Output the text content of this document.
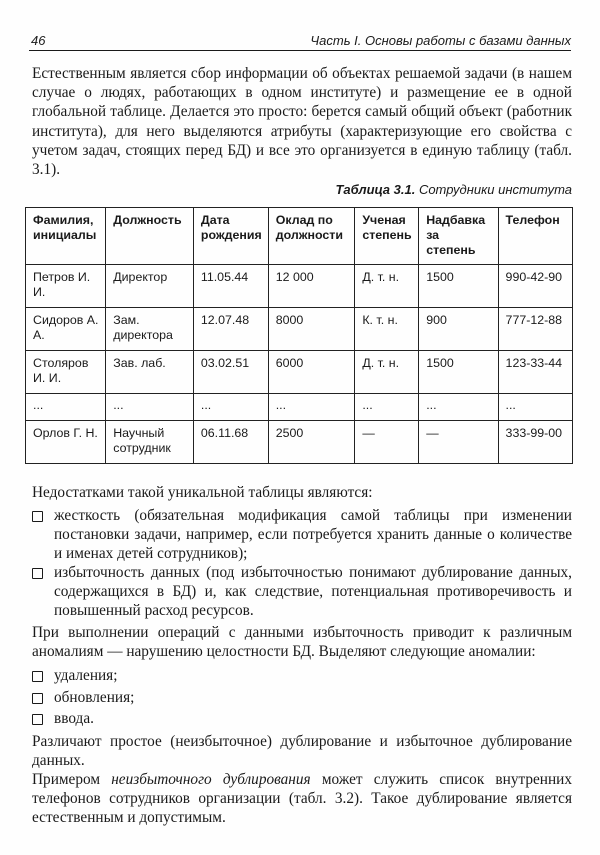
46	Часть I. Основы работы с базами данных
Естественным является сбор информации об объектах решаемой задачи (в нашем случае о людях, работающих в одном институте) и размещение ее в одной глобальной таблице. Делается это просто: берется самый общий объект (работник института), для него выделяются атрибуты (характеризующие его свойства с учетом задач, стоящих перед БД) и все это организуется в единую таблицу (табл. 3.1).
Таблица 3.1. Сотрудники института
Фамилия, инициалы	Должность	Дата рождения	Оклад по должности	Ученая степень	Надбавка за степень	Телефон
Петров И. И.	Директор	11.05.44	12 000	Д. т. н.	1500	990-42-90
Сидоров А. А.	Зам. директора	12.07.48	8000	К. т. н.	900	777-12-88
Столяров И. И.	Зав. лаб.	03.02.51	6000	Д. т. н.	1500	123-33-44
...	...	...	...	...	...	...
Орлов Г. Н.	Научный сотрудник	06.11.68	2500	—	—	333-99-00
Недостатками такой уникальной таблицы являются:
жесткость (обязательная модификация самой таблицы при изменении постановки задачи, например, если потребуется хранить данные о количестве и именах детей сотрудников);
избыточность данных (под избыточностью понимают дублирование данных, содержащихся в БД) и, как следствие, потенциальная противоречивость и повышенный расход ресурсов.
При выполнении операций с данными избыточность приводит к различным аномалиям — нарушению целостности БД. Выделяют следующие аномалии:
удаления;
обновления;
ввода.
Различают простое (неизбыточное) дублирование и избыточное дублирование данных.
Примером неизбыточного дублирования может служить список внутренних телефонов сотрудников организации (табл. 3.2). Такое дублирование является естественным и допустимым.
